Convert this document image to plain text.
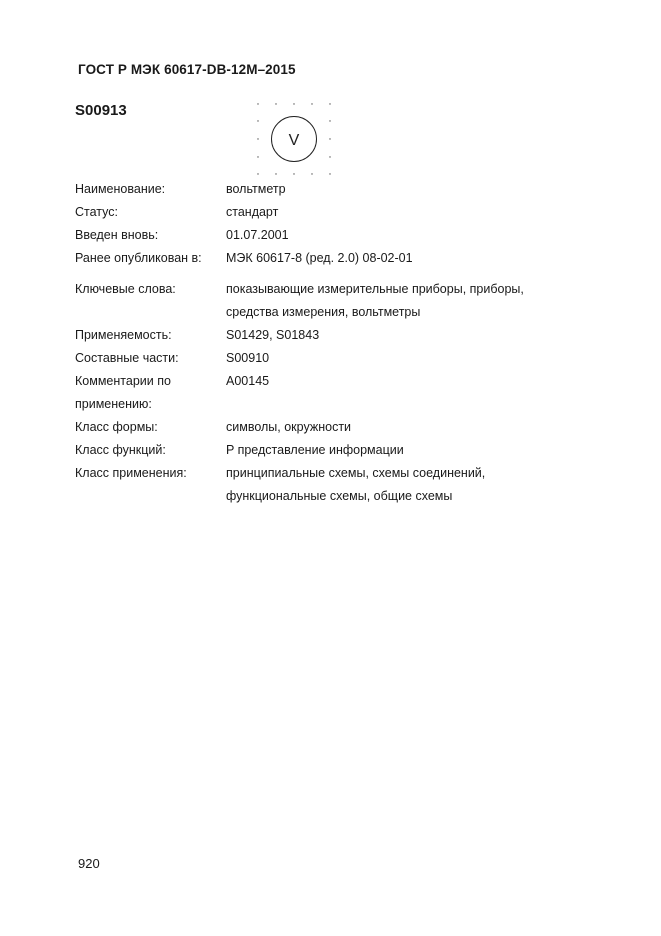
ГОСТ Р МЭК 60617-DB-12M–2015
S00913
V
Наименование:	вольтметр
Статус:	стандарт
Введен вновь:	01.07.2001
Ранее опубликован в:	МЭК 60617-8 (ред. 2.0) 08-02-01
Ключевые слова:	показывающие измерительные приборы, приборы,
средства измерения, вольтметры
Применяемость:	S01429, S01843
Составные части:	S00910
Комментарии по	A00145
применению:
Класс формы:	символы, окружности
Класс функций:	P представление информации
Класс применения:	принципиальные схемы, схемы соединений,
функциональные схемы, общие схемы
920
